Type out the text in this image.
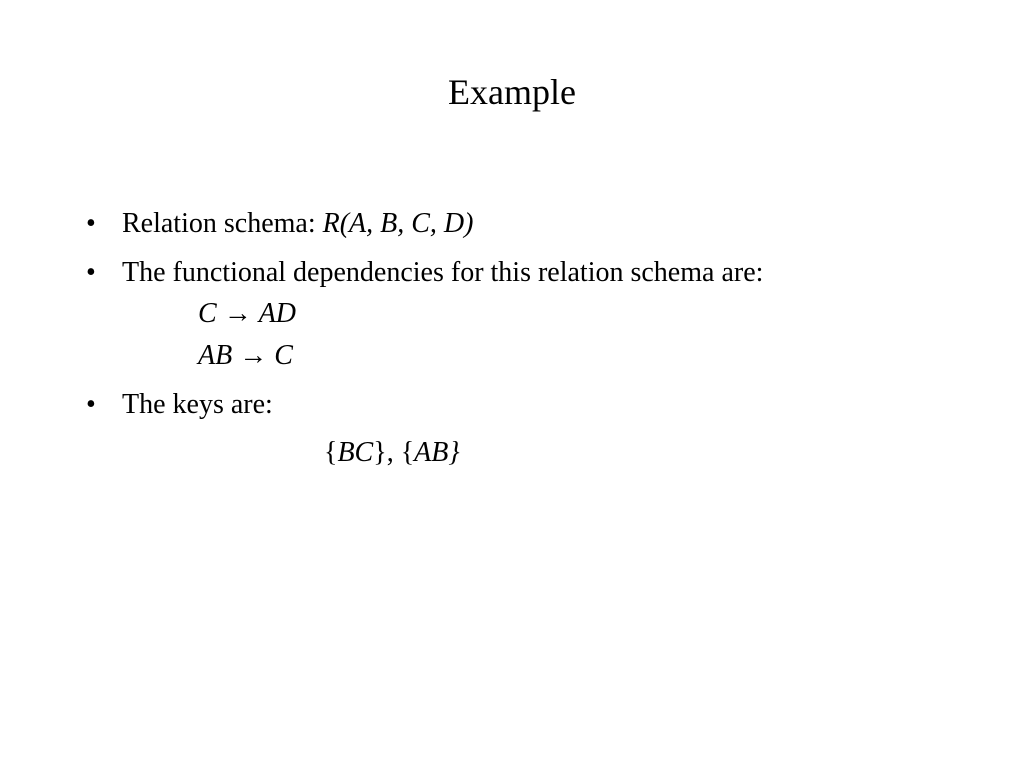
Example
• Relation schema: R(A, B, C, D)
• The functional dependencies for this relation schema are:
C → AD
AB → C
• The keys are:
{BC}, {AB}
